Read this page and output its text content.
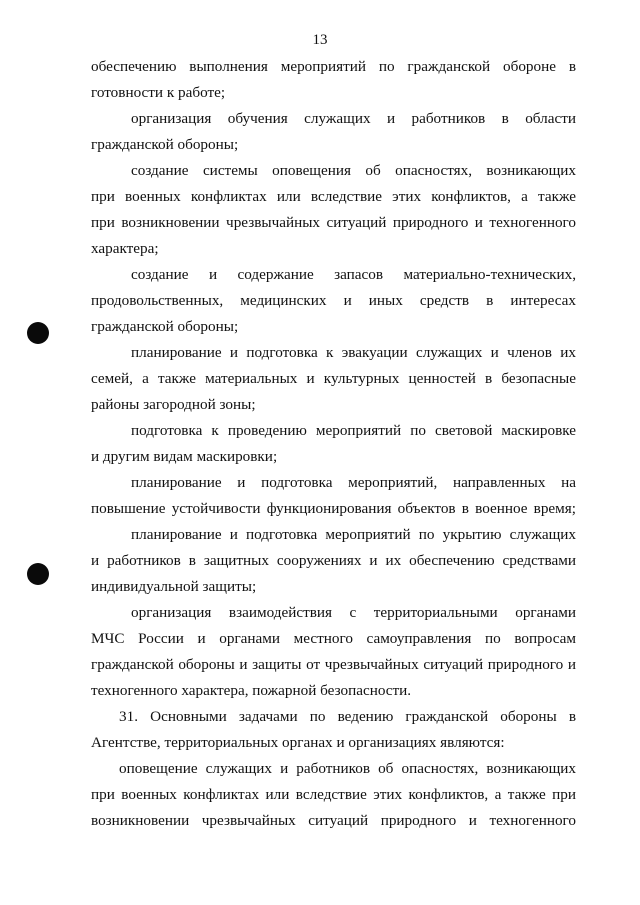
13
обеспечению выполнения мероприятий по гражданской обороне в
готовности к работе;
организация обучения служащих и работников в области
гражданской обороны;
создание системы оповещения об опасностях, возникающих
при военных конфликтах или вследствие этих конфликтов, а также
при возникновении чрезвычайных ситуаций природного и техногенного
характера;
создание и содержание запасов материально-технических,
продовольственных, медицинских и иных средств в интересах
гражданской обороны;
планирование и подготовка к эвакуации служащих и членов их
семей, а также материальных и культурных ценностей в безопасные
районы загородной зоны;
подготовка к проведению мероприятий по световой маскировке
и другим видам маскировки;
планирование и подготовка мероприятий, направленных на
повышение устойчивости функционирования объектов в военное время;
планирование и подготовка мероприятий по укрытию служащих
и работников в защитных сооружениях и их обеспечению средствами
индивидуальной защиты;
организация взаимодействия с территориальными органами
МЧС России и органами местного самоуправления по вопросам
гражданской обороны и защиты от чрезвычайных ситуаций природного и
техногенного характера, пожарной безопасности.
31. Основными задачами по ведению гражданской обороны в
Агентстве, территориальных органах и организациях являются:
оповещение служащих и работников об опасностях, возникающих
при военных конфликтах или вследствие этих конфликтов, а также при
возникновении чрезвычайных ситуаций природного и техногенного
